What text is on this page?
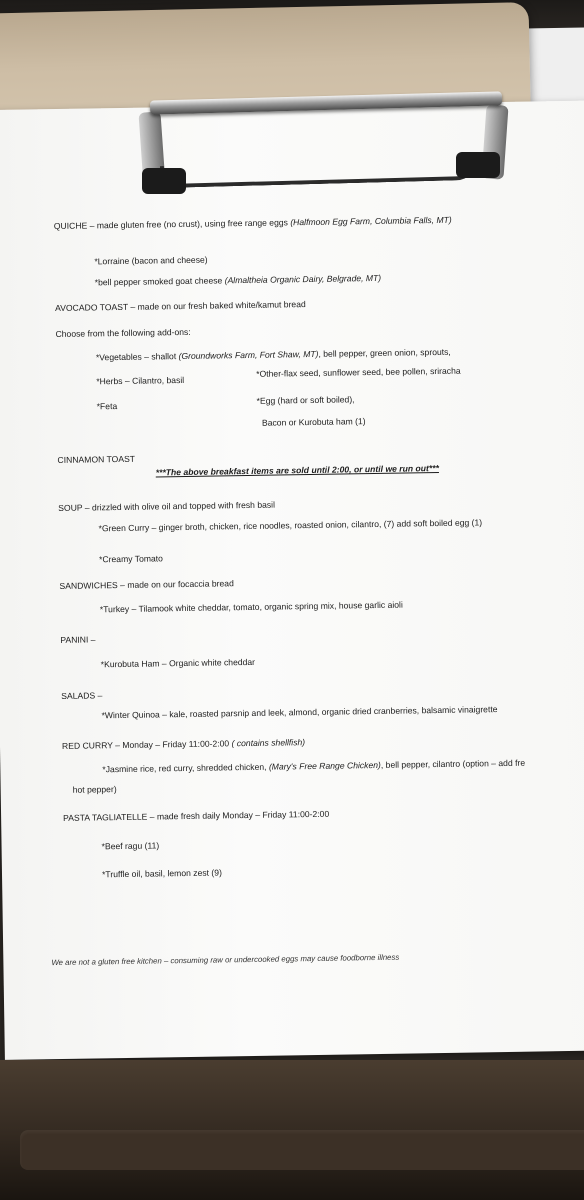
QUICHE – made gluten free (no crust), using free range eggs (Halfmoon Egg Farm, Columbia Falls, MT)
*Lorraine (bacon and cheese)
*bell pepper smoked goat cheese (Almaltheia Organic Dairy, Belgrade, MT)
AVOCADO TOAST – made on our fresh baked white/kamut bread
Choose from the following add-ons:
*Vegetables – shallot (Groundworks Farm, Fort Shaw, MT), bell pepper, green onion, sprouts,
*Herbs – Cilantro, basil
*Other-flax seed, sunflower seed, bee pollen, sriracha
*Feta
*Egg (hard or soft boiled),
Bacon or Kurobuta ham (1)
CINNAMON TOAST
***The above breakfast items are sold until 2:00, or until we run out***
SOUP – drizzled with olive oil and topped with fresh basil
*Green Curry – ginger broth, chicken, rice noodles, roasted onion, cilantro, (7) add soft boiled egg (1)
*Creamy Tomato
SANDWICHES – made on our focaccia bread
*Turkey – Tilamook white cheddar, tomato, organic spring mix, house garlic aioli
PANINI –
*Kurobuta Ham – Organic white cheddar
SALADS –
*Winter Quinoa – kale, roasted parsnip and leek, almond, organic dried cranberries, balsamic vinaigrette
RED CURRY – Monday – Friday 11:00-2:00 ( contains shellfish)
*Jasmine rice, red curry, shredded chicken, (Mary's Free Range Chicken), bell pepper, cilantro (option – add fre
hot pepper)
PASTA TAGLIATELLE – made fresh daily Monday – Friday 11:00-2:00
*Beef ragu (11)
*Truffle oil, basil, lemon zest (9)
We are not a gluten free kitchen – consuming raw or undercooked eggs may cause foodborne illness
